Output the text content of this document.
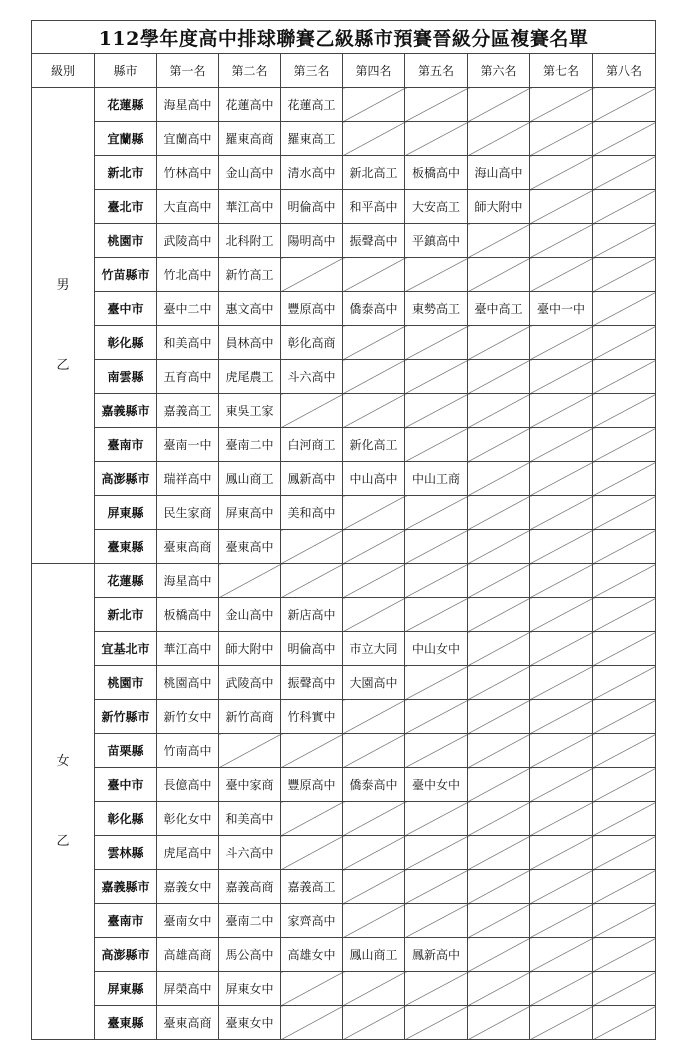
112學年度高中排球聯賽乙級縣市預賽晉級分區複賽名單									
級別	縣市	第一名	第二名	第三名	第四名	第五名	第六名	第七名	第八名

男
乙	花蓮縣	海星高中	花蓮高中	花蓮高工					
	宜蘭縣	宜蘭高中	羅東高商	羅東高工					
	新北市	竹林高中	金山高中	清水高中	新北高工	板橋高中	海山高中		
	臺北市	大直高中	華江高中	明倫高中	和平高中	大安高工	師大附中		
	桃園市	武陵高中	北科附工	陽明高中	振聲高中	平鎮高中			
	竹苗縣市	竹北高中	新竹高工						
	臺中市	臺中二中	惠文高中	豐原高中	僑泰高中	東勢高工	臺中高工	臺中一中	
	彰化縣	和美高中	員林高中	彰化高商					
	南雲縣	五育高中	虎尾農工	斗六高中					
	嘉義縣市	嘉義高工	東吳工家						
	臺南市	臺南一中	臺南二中	白河商工	新化高工				
	高澎縣市	瑞祥高中	鳳山商工	鳳新高中	中山高中	中山工商			
	屏東縣	民生家商	屏東高中	美和高中					
	臺東縣	臺東高商	臺東高中						

女
乙	花蓮縣	海星高中							
	新北市	板橋高中	金山高中	新店高中					
	宜基北市	華江高中	師大附中	明倫高中	市立大同	中山女中			
	桃園市	桃園高中	武陵高中	振聲高中	大園高中				
	新竹縣市	新竹女中	新竹高商	竹科實中					
	苗栗縣	竹南高中							
	臺中市	長億高中	臺中家商	豐原高中	僑泰高中	臺中女中			
	彰化縣	彰化女中	和美高中						
	雲林縣	虎尾高中	斗六高中						
	嘉義縣市	嘉義女中	嘉義高商	嘉義高工					
	臺南市	臺南女中	臺南二中	家齊高中					
	高澎縣市	高雄高商	馬公高中	高雄女中	鳳山商工	鳳新高中			
	屏東縣	屏榮高中	屏東女中						
	臺東縣	臺東高商	臺東女中						
